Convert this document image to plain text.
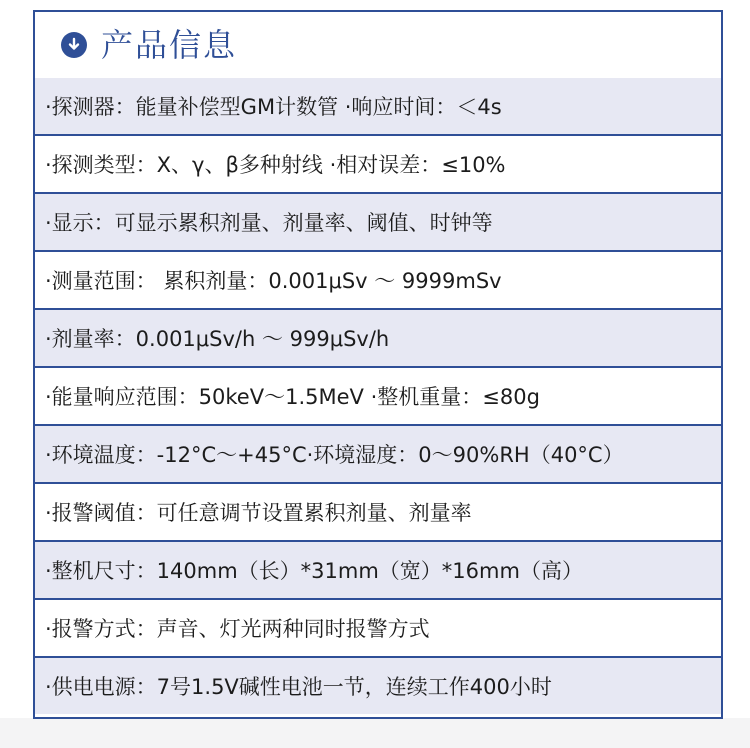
产品信息
·探测器：能量补偿型GM计数管 ·响应时间：＜4s
·探测类型：X、γ、β多种射线 ·相对误差：≤10%
·显示：可显示累积剂量、剂量率、阈值、时钟等
·测量范围： 累积剂量：0.001μSv ～ 9999mSv
·剂量率：0.001μSv/h ～ 999μSv/h
·能量响应范围：50keV～1.5MeV ·整机重量：≤80g
·环境温度：-12°C～+45°C·环境湿度：0～90%RH（40°C）
·报警阈值：可任意调节设置累积剂量、剂量率
·整机尺寸：140mm（长）*31mm（宽）*16mm（高）
·报警方式：声音、灯光两种同时报警方式
·供电电源：7号1.5V碱性电池一节，连续工作400小时
